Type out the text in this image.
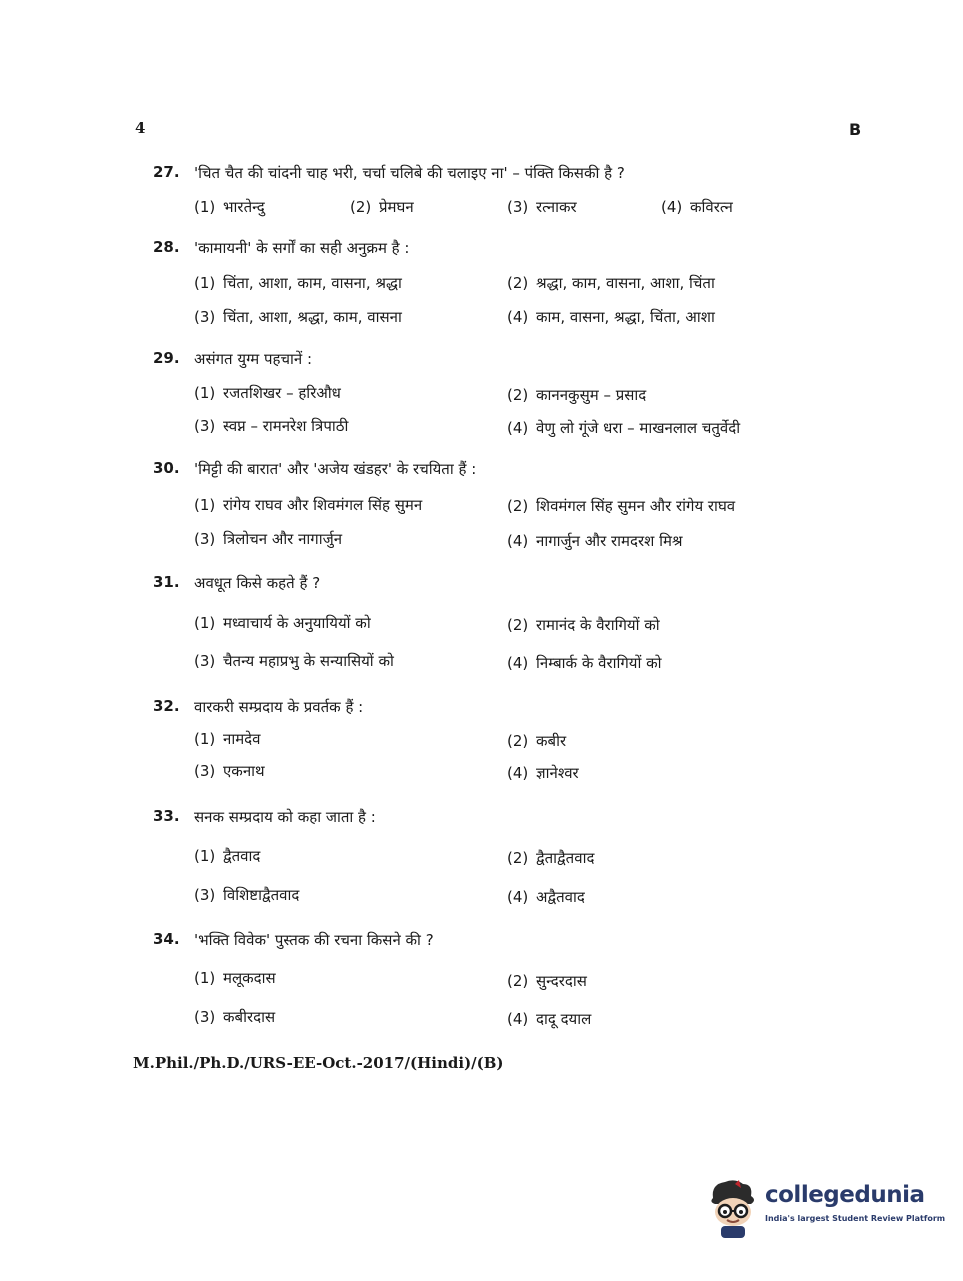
4	B
27. 'चित चैत की चांदनी चाह भरी, चर्चा चलिबे की चलाइए ना' – पंक्ति किसकी है ?
(1) भारतेन्दु	(2) प्रेमघन	(3) रत्नाकर	(4) कविरत्न
28. 'कामायनी' के सर्गों का सही अनुक्रम है :
(1) चिंता, आशा, काम, वासना, श्रद्धा	(2) श्रद्धा, काम, वासना, आशा, चिंता
(3) चिंता, आशा, श्रद्धा, काम, वासना	(4) काम, वासना, श्रद्धा, चिंता, आशा
29. असंगत युग्म पहचानें :
(1) रजतशिखर – हरिऔध	(2) काननकुसुम – प्रसाद
(3) स्वप्न – रामनरेश त्रिपाठी	(4) वेणु लो गूंजे धरा – माखनलाल चतुर्वेदी
30. 'मिट्टी की बारात' और 'अजेय खंडहर' के रचयिता हैं :
(1) रांगेय राघव और शिवमंगल सिंह सुमन	(2) शिवमंगल सिंह सुमन और रांगेय राघव
(3) त्रिलोचन और नागार्जुन	(4) नागार्जुन और रामदरश मिश्र
31. अवधूत किसे कहते हैं ?
(1) मध्वाचार्य के अनुयायियों को	(2) रामानंद के वैरागियों को
(3) चैतन्य महाप्रभु के सन्यासियों को	(4) निम्बार्क के वैरागियों को
32. वारकरी सम्प्रदाय के प्रवर्तक हैं :
(1) नामदेव	(2) कबीर
(3) एकनाथ	(4) ज्ञानेश्वर
33. सनक सम्प्रदाय को कहा जाता है :
(1) द्वैतवाद	(2) द्वैताद्वैतवाद
(3) विशिष्टाद्वैतवाद	(4) अद्वैतवाद
34. 'भक्ति विवेक' पुस्तक की रचना किसने की ?
(1) मलूकदास	(2) सुन्दरदास
(3) कबीरदास	(4) दादू दयाल
M.Phil./Ph.D./URS-EE-Oct.-2017/(Hindi)/(B)
collegedunia
India's largest Student Review Platform
